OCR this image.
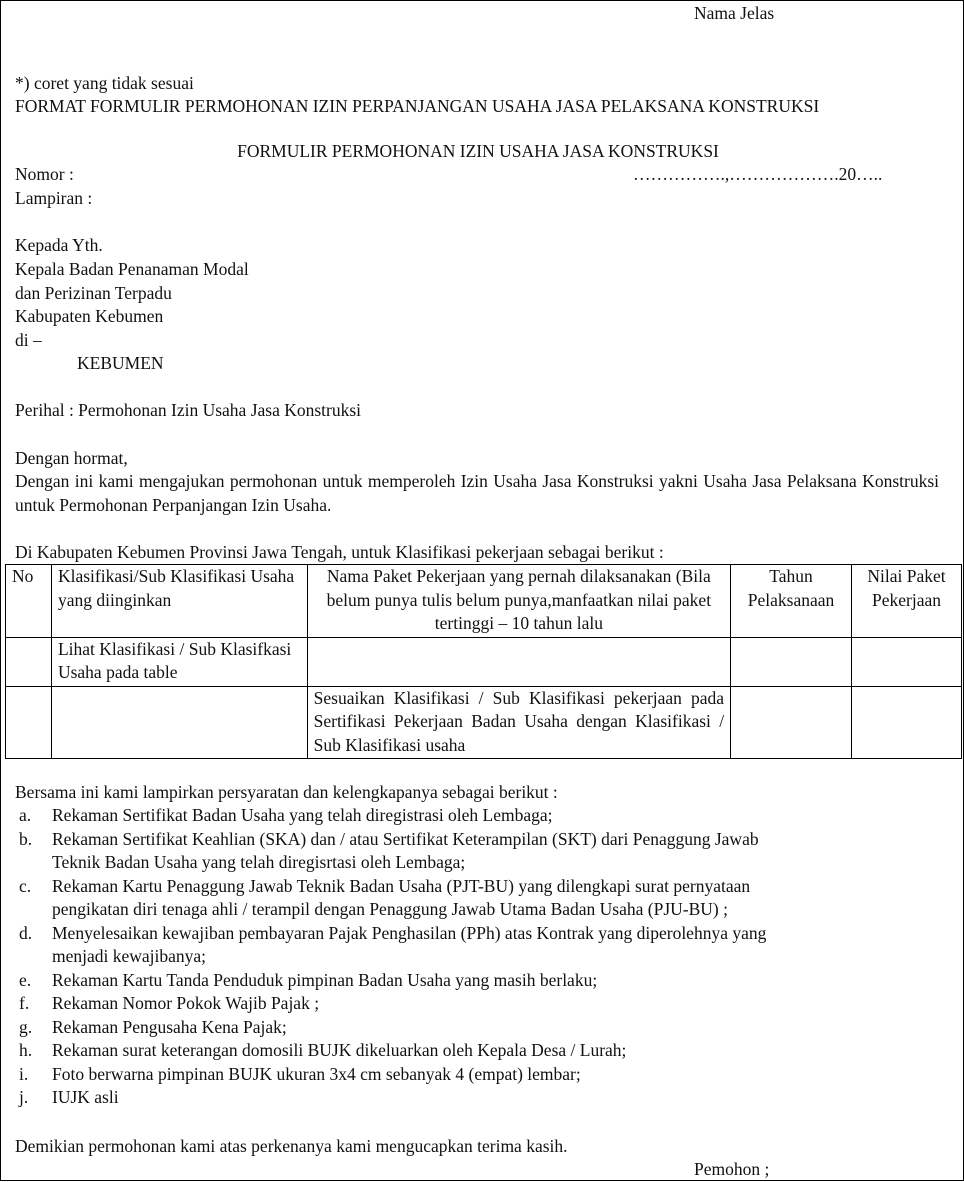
Nama Jelas
*) coret yang tidak sesuai
FORMAT FORMULIR PERMOHONAN IZIN PERPANJANGAN USAHA JASA PELAKSANA KONSTRUKSI
FORMULIR PERMOHONAN IZIN USAHA JASA KONSTRUKSI
Nomor :	…………….,……………….20…..
Lampiran :
Kepada Yth.
Kepala Badan Penanaman Modal
dan Perizinan Terpadu
Kabupaten Kebumen
di –
KEBUMEN
Perihal : Permohonan Izin Usaha Jasa Konstruksi
Dengan hormat,
Dengan ini kami mengajukan permohonan untuk memperoleh Izin Usaha Jasa Konstruksi yakni Usaha Jasa Pelaksana Konstruksi untuk Permohonan Perpanjangan Izin Usaha.
Di Kabupaten Kebumen Provinsi Jawa Tengah, untuk Klasifikasi pekerjaan sebagai berikut :
No	Klasifikasi/Sub Klasifikasi Usaha yang diinginkan	Nama Paket Pekerjaan yang pernah dilaksanakan (Bila belum punya tulis belum punya,manfaatkan nilai paket tertinggi – 10 tahun lalu	Tahun Pelaksanaan	Nilai Paket Pekerjaan
	Lihat Klasifikasi / Sub Klasifkasi Usaha pada table			
		Sesuaikan Klasifikasi / Sub Klasifikasi pekerjaan pada Sertifikasi Pekerjaan Badan Usaha dengan Klasifikasi / Sub Klasifikasi usaha		
Bersama ini kami lampirkan persyaratan dan kelengkapanya sebagai berikut :
a. Rekaman Sertifikat Badan Usaha yang telah diregistrasi oleh Lembaga;
b. Rekaman Sertifikat Keahlian (SKA) dan / atau Sertifikat Keterampilan (SKT) dari Penaggung Jawab
Teknik Badan Usaha yang telah diregisrtasi oleh Lembaga;
c. Rekaman Kartu Penaggung Jawab Teknik Badan Usaha (PJT-BU) yang dilengkapi surat pernyataan
pengikatan diri tenaga ahli / terampil dengan Penaggung Jawab Utama Badan Usaha (PJU-BU) ;
d. Menyelesaikan kewajiban pembayaran Pajak Penghasilan (PPh) atas Kontrak yang diperolehnya yang
menjadi kewajibanya;
e. Rekaman Kartu Tanda Penduduk pimpinan Badan Usaha yang masih berlaku;
f. Rekaman Nomor Pokok Wajib Pajak ;
g. Rekaman Pengusaha Kena Pajak;
h. Rekaman surat keterangan domosili BUJK dikeluarkan oleh Kepala Desa / Lurah;
i. Foto berwarna pimpinan BUJK ukuran 3x4 cm sebanyak 4 (empat) lembar;
j. IUJK asli
Demikian permohonan kami atas perkenanya kami mengucapkan terima kasih.
Pemohon ;
